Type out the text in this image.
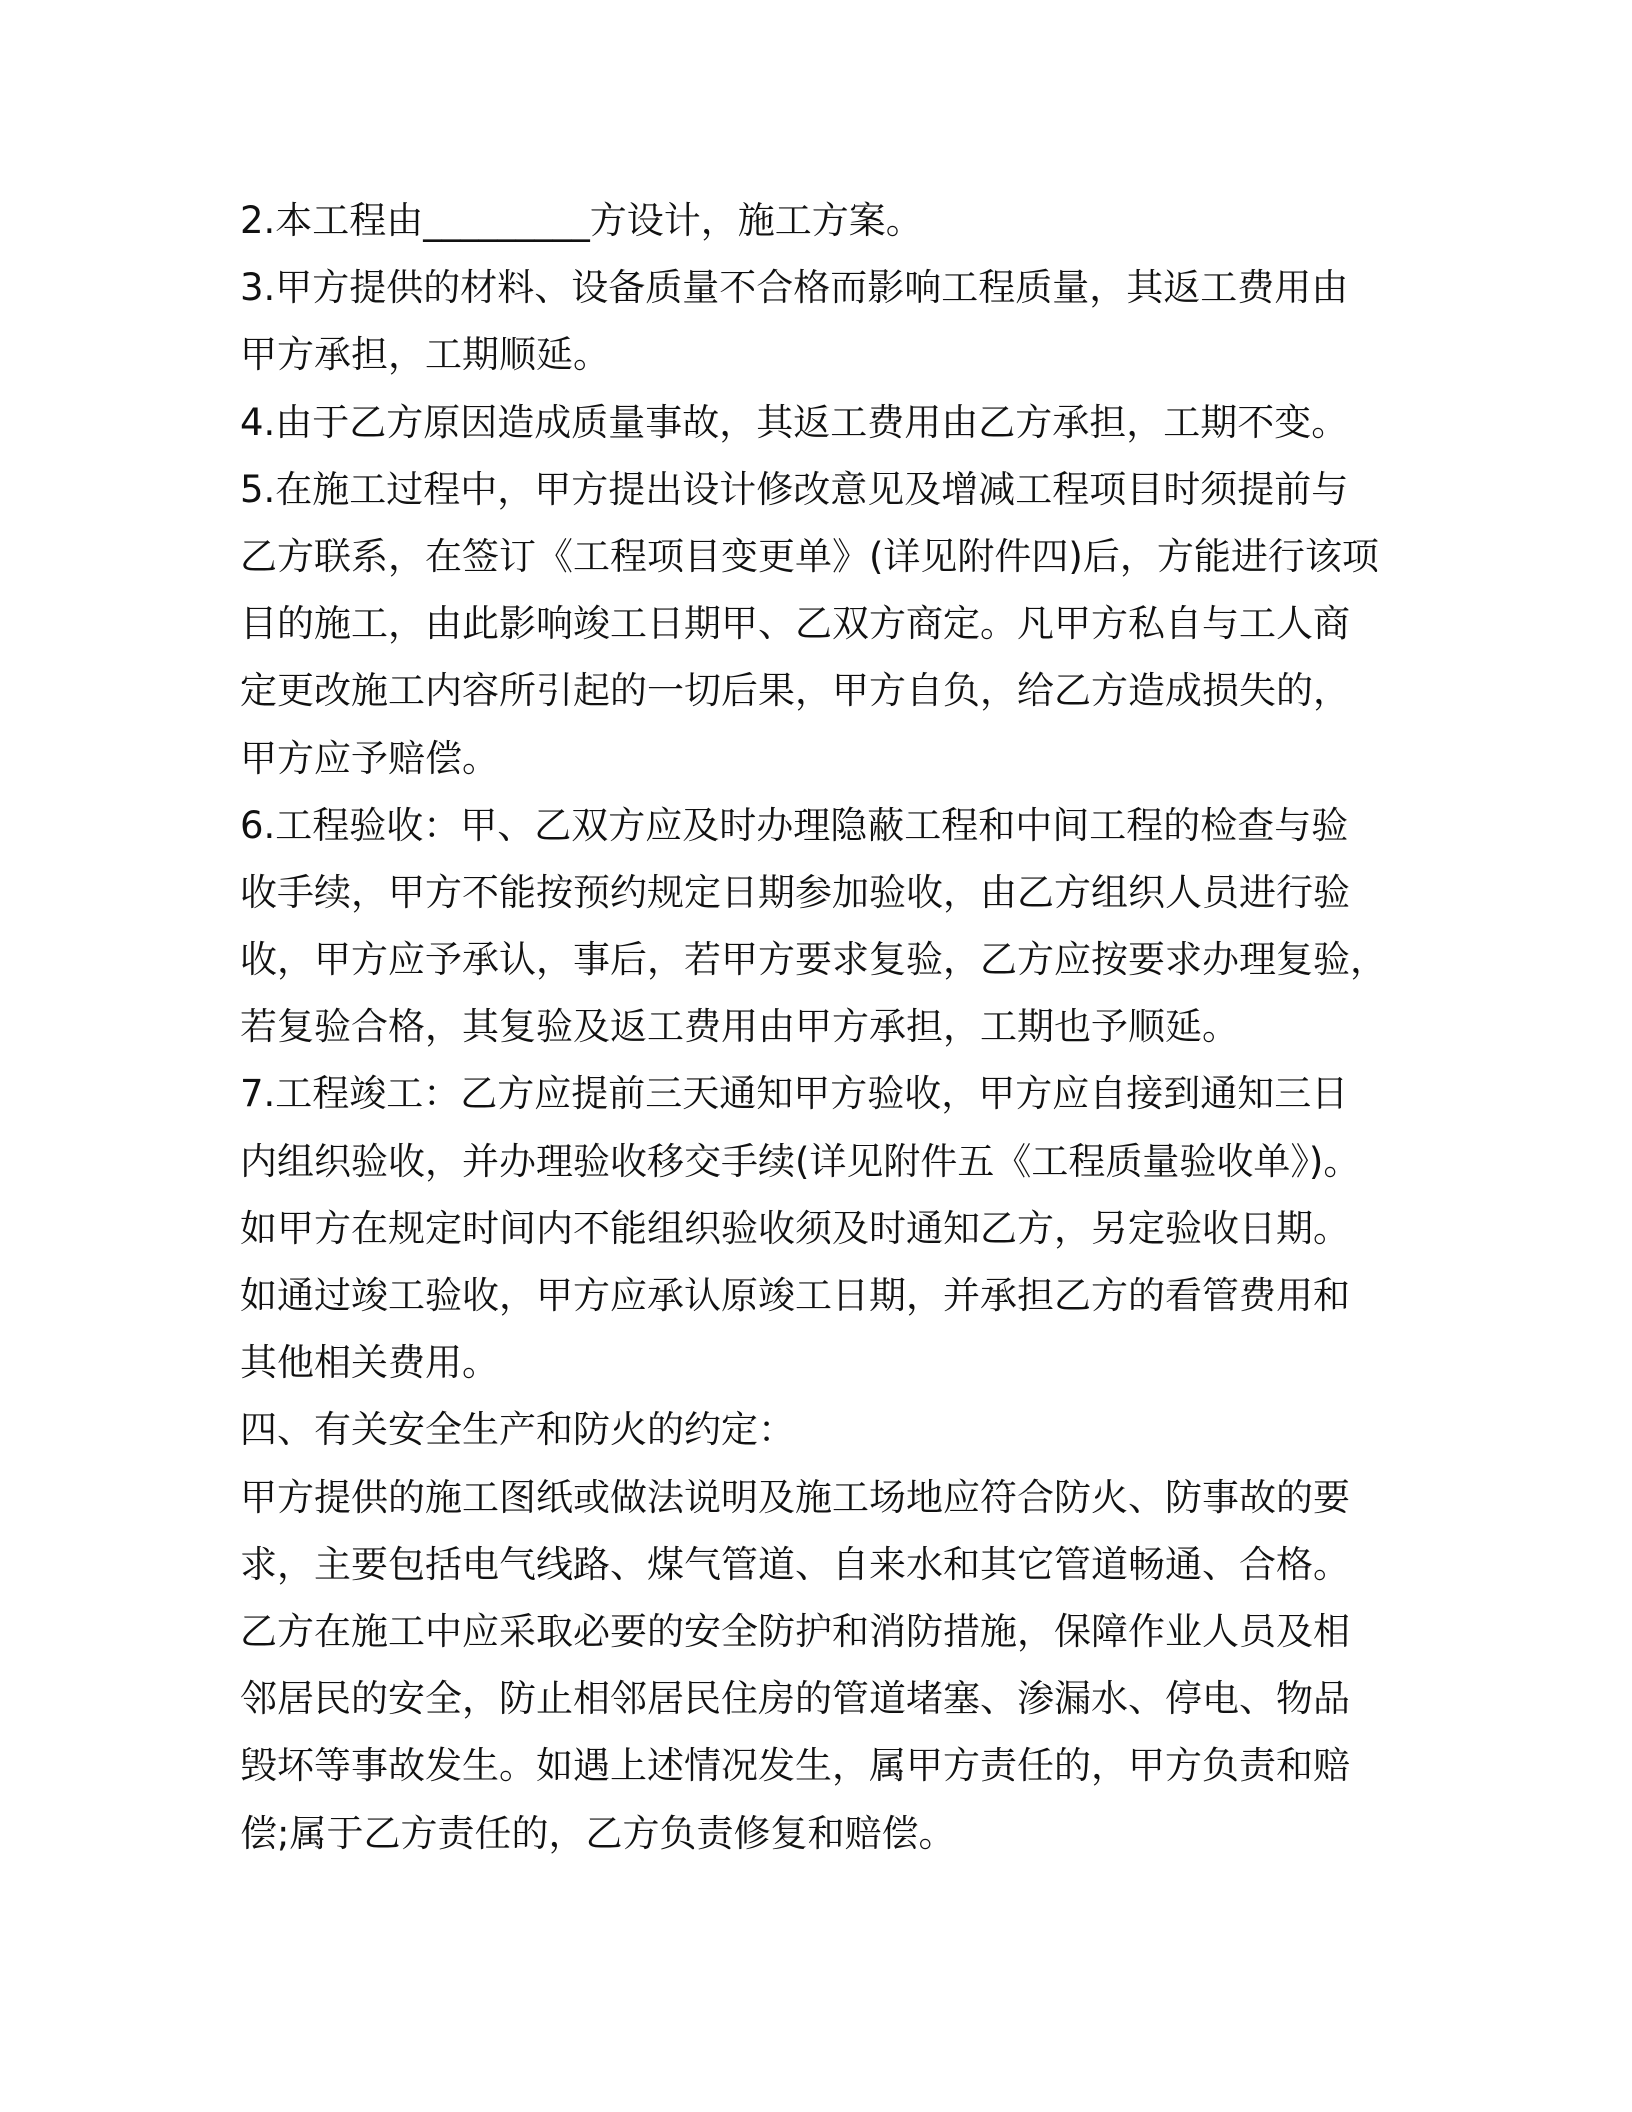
2.本工程由_________方设计，施工方案。
3.甲方提供的材料、设备质量不合格而影响工程质量，其返工费用由
甲方承担，工期顺延。
4.由于乙方原因造成质量事故，其返工费用由乙方承担，工期不变。
5.在施工过程中，甲方提出设计修改意见及增减工程项目时须提前与
乙方联系，在签订《工程项目变更单》(详见附件四)后，方能进行该项
目的施工，由此影响竣工日期甲、乙双方商定。凡甲方私自与工人商
定更改施工内容所引起的一切后果，甲方自负，给乙方造成损失的，
甲方应予赔偿。
6.工程验收：甲、乙双方应及时办理隐蔽工程和中间工程的检查与验
收手续，甲方不能按预约规定日期参加验收，由乙方组织人员进行验
收，甲方应予承认，事后，若甲方要求复验，乙方应按要求办理复验，
若复验合格，其复验及返工费用由甲方承担，工期也予顺延。
7.工程竣工：乙方应提前三天通知甲方验收，甲方应自接到通知三日
内组织验收，并办理验收移交手续(详见附件五《工程质量验收单》)。
如甲方在规定时间内不能组织验收须及时通知乙方，另定验收日期。
如通过竣工验收，甲方应承认原竣工日期，并承担乙方的看管费用和
其他相关费用。
四、有关安全生产和防火的约定：
甲方提供的施工图纸或做法说明及施工场地应符合防火、防事故的要
求，主要包括电气线路、煤气管道、自来水和其它管道畅通、合格。
乙方在施工中应采取必要的安全防护和消防措施，保障作业人员及相
邻居民的安全，防止相邻居民住房的管道堵塞、渗漏水、停电、物品
毁坏等事故发生。如遇上述情况发生，属甲方责任的，甲方负责和赔
偿;属于乙方责任的，乙方负责修复和赔偿。
